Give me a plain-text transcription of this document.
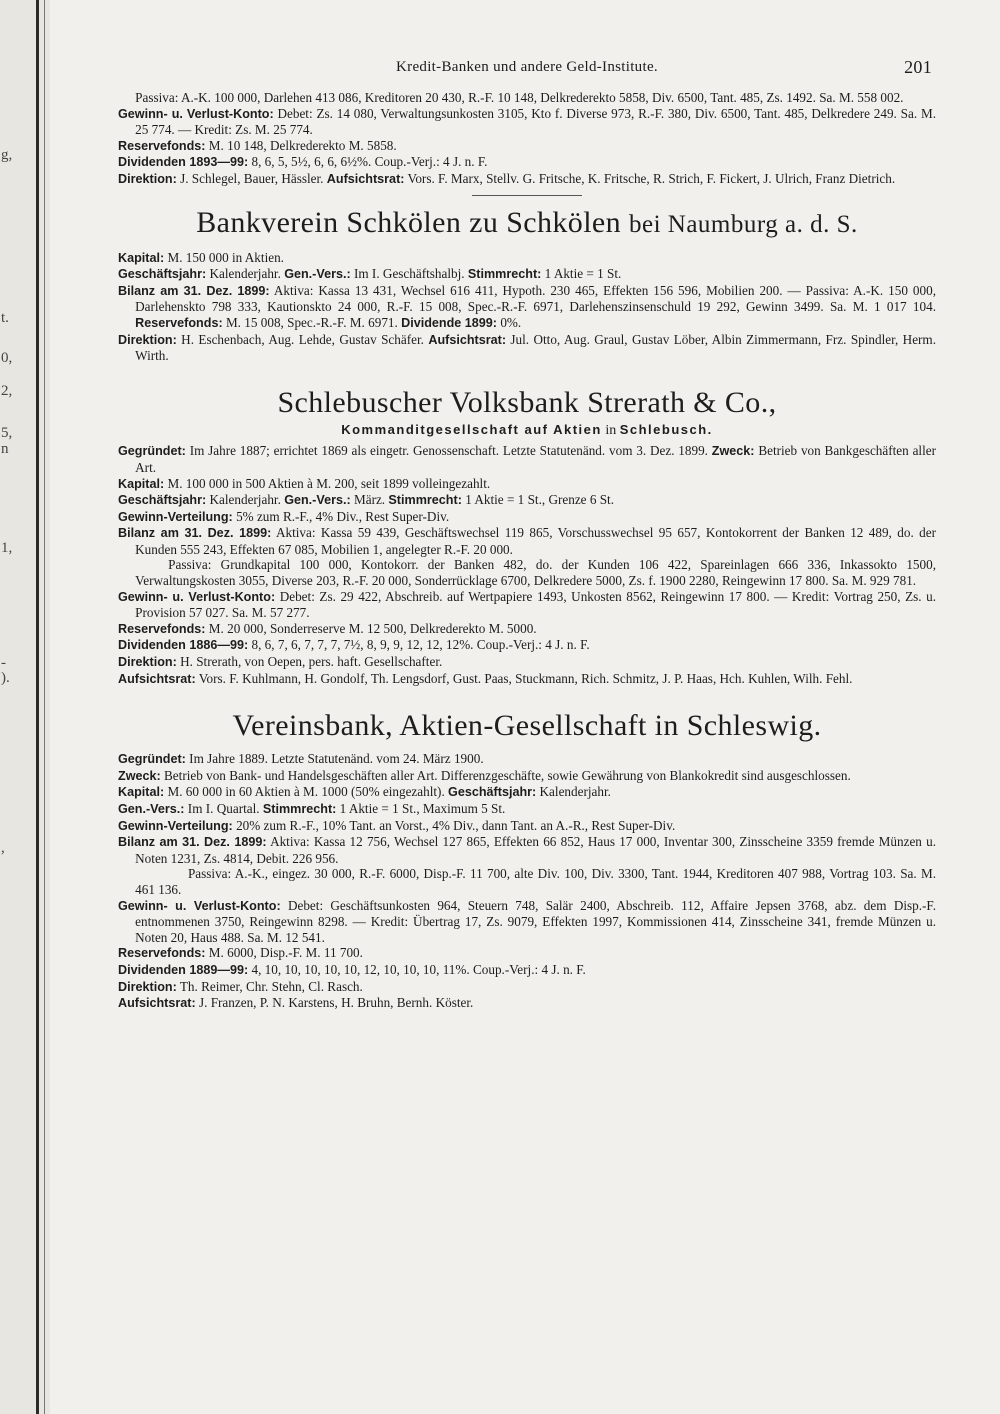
g,
t.
0,
2,
5,
n
1,
-
).
,
Kredit-Banken und andere Geld-Institute.	201

Passiva: A.-K. 100 000, Darlehen 413 086, Kreditoren 20 430, R.-F. 10 148, Delkrederekto 5858, Div. 6500, Tant. 485, Zs. 1492. Sa. M. 558 002.

Gewinn- u. Verlust-Konto: Debet: Zs. 14 080, Verwaltungsunkosten 3105, Kto f. Diverse 973, R.-F. 380, Div. 6500, Tant. 485, Delkredere 249. Sa. M. 25 774. — Kredit: Zs. M. 25 774.

Reservefonds: M. 10 148, Delkrederekto M. 5858.

Dividenden 1893—99: 8, 6, 5, 5½, 6, 6, 6½%. Coup.-Verj.: 4 J. n. F.

Direktion: J. Schlegel, Bauer, Hässler. Aufsichtsrat: Vors. F. Marx, Stellv. G. Fritsche, K. Fritsche, R. Strich, F. Fickert, J. Ulrich, Franz Dietrich.

Bankverein Schkölen zu Schkölen bei Naumburg a. d. S.

Kapital: M. 150 000 in Aktien.

Geschäftsjahr: Kalenderjahr. Gen.-Vers.: Im I. Geschäftshalbj. Stimmrecht: 1 Aktie = 1 St.

Bilanz am 31. Dez. 1899: Aktiva: Kassa 13 431, Wechsel 616 411, Hypoth. 230 465, Effekten 156 596, Mobilien 200. — Passiva: A.-K. 150 000, Darlehenskto 798 333, Kautionskto 24 000, R.-F. 15 008, Spec.-R.-F. 6971, Darlehenszinsenschuld 19 292, Gewinn 3499. Sa. M. 1 017 104. Reservefonds: M. 15 008, Spec.-R.-F. M. 6971. Dividende 1899: 0%.

Direktion: H. Eschenbach, Aug. Lehde, Gustav Schäfer. Aufsichtsrat: Jul. Otto, Aug. Graul, Gustav Löber, Albin Zimmermann, Frz. Spindler, Herm. Wirth.

Schlebuscher Volksbank Strerath & Co.,
Kommanditgesellschaft auf Aktien in Schlebusch.

Gegründet: Im Jahre 1887; errichtet 1869 als eingetr. Genossenschaft. Letzte Statutenänd. vom 3. Dez. 1899. Zweck: Betrieb von Bankgeschäften aller Art.

Kapital: M. 100 000 in 500 Aktien à M. 200, seit 1899 volleingezahlt.

Geschäftsjahr: Kalenderjahr. Gen.-Vers.: März. Stimmrecht: 1 Aktie = 1 St., Grenze 6 St.

Gewinn-Verteilung: 5% zum R.-F., 4% Div., Rest Super-Div.

Bilanz am 31. Dez. 1899: Aktiva: Kassa 59 439, Geschäftswechsel 119 865, Vorschusswechsel 95 657, Kontokorrent der Banken 12 489, do. der Kunden 555 243, Effekten 67 085, Mobilien 1, angelegter R.-F. 20 000.

Passiva: Grundkapital 100 000, Kontokorr. der Banken 482, do. der Kunden 106 422, Spareinlagen 666 336, Inkassokto 1500, Verwaltungskosten 3055, Diverse 203, R.-F. 20 000, Sonderrücklage 6700, Delkredere 5000, Zs. f. 1900 2280, Reingewinn 17 800. Sa. M. 929 781.

Gewinn- u. Verlust-Konto: Debet: Zs. 29 422, Abschreib. auf Wertpapiere 1493, Unkosten 8562, Reingewinn 17 800. — Kredit: Vortrag 250, Zs. u. Provision 57 027. Sa. M. 57 277.

Reservefonds: M. 20 000, Sonderreserve M. 12 500, Delkrederekto M. 5000.

Dividenden 1886—99: 8, 6, 7, 6, 7, 7, 7, 7½, 8, 9, 9, 12, 12, 12%. Coup.-Verj.: 4 J. n. F.

Direktion: H. Strerath, von Oepen, pers. haft. Gesellschafter.

Aufsichtsrat: Vors. F. Kuhlmann, H. Gondolf, Th. Lengsdorf, Gust. Paas, Stuckmann, Rich. Schmitz, J. P. Haas, Hch. Kuhlen, Wilh. Fehl.

Vereinsbank, Aktien-Gesellschaft in Schleswig.

Gegründet: Im Jahre 1889. Letzte Statutenänd. vom 24. März 1900.

Zweck: Betrieb von Bank- und Handelsgeschäften aller Art. Differenzgeschäfte, sowie Gewährung von Blankokredit sind ausgeschlossen.

Kapital: M. 60 000 in 60 Aktien à M. 1000 (50% eingezahlt). Geschäftsjahr: Kalenderjahr.

Gen.-Vers.: Im I. Quartal. Stimmrecht: 1 Aktie = 1 St., Maximum 5 St.

Gewinn-Verteilung: 20% zum R.-F., 10% Tant. an Vorst., 4% Div., dann Tant. an A.-R., Rest Super-Div.

Bilanz am 31. Dez. 1899: Aktiva: Kassa 12 756, Wechsel 127 865, Effekten 66 852, Haus 17 000, Inventar 300, Zinsscheine 3359 fremde Münzen u. Noten 1231, Zs. 4814, Debit. 226 956.

Passiva: A.-K., eingez. 30 000, R.-F. 6000, Disp.-F. 11 700, alte Div. 100, Div. 3300, Tant. 1944, Kreditoren 407 988, Vortrag 103. Sa. M. 461 136.

Gewinn- u. Verlust-Konto: Debet: Geschäftsunkosten 964, Steuern 748, Salär 2400, Abschreib. 112, Affaire Jepsen 3768, abz. dem Disp.-F. entnommenen 3750, Reingewinn 8298. — Kredit: Übertrag 17, Zs. 9079, Effekten 1997, Kommissionen 414, Zinsscheine 341, fremde Münzen u. Noten 20, Haus 488. Sa. M. 12 541.

Reservefonds: M. 6000, Disp.-F. M. 11 700.

Dividenden 1889—99: 4, 10, 10, 10, 10, 10, 12, 10, 10, 10, 11%. Coup.-Verj.: 4 J. n. F.

Direktion: Th. Reimer, Chr. Stehn, Cl. Rasch.

Aufsichtsrat: J. Franzen, P. N. Karstens, H. Bruhn, Bernh. Köster.
